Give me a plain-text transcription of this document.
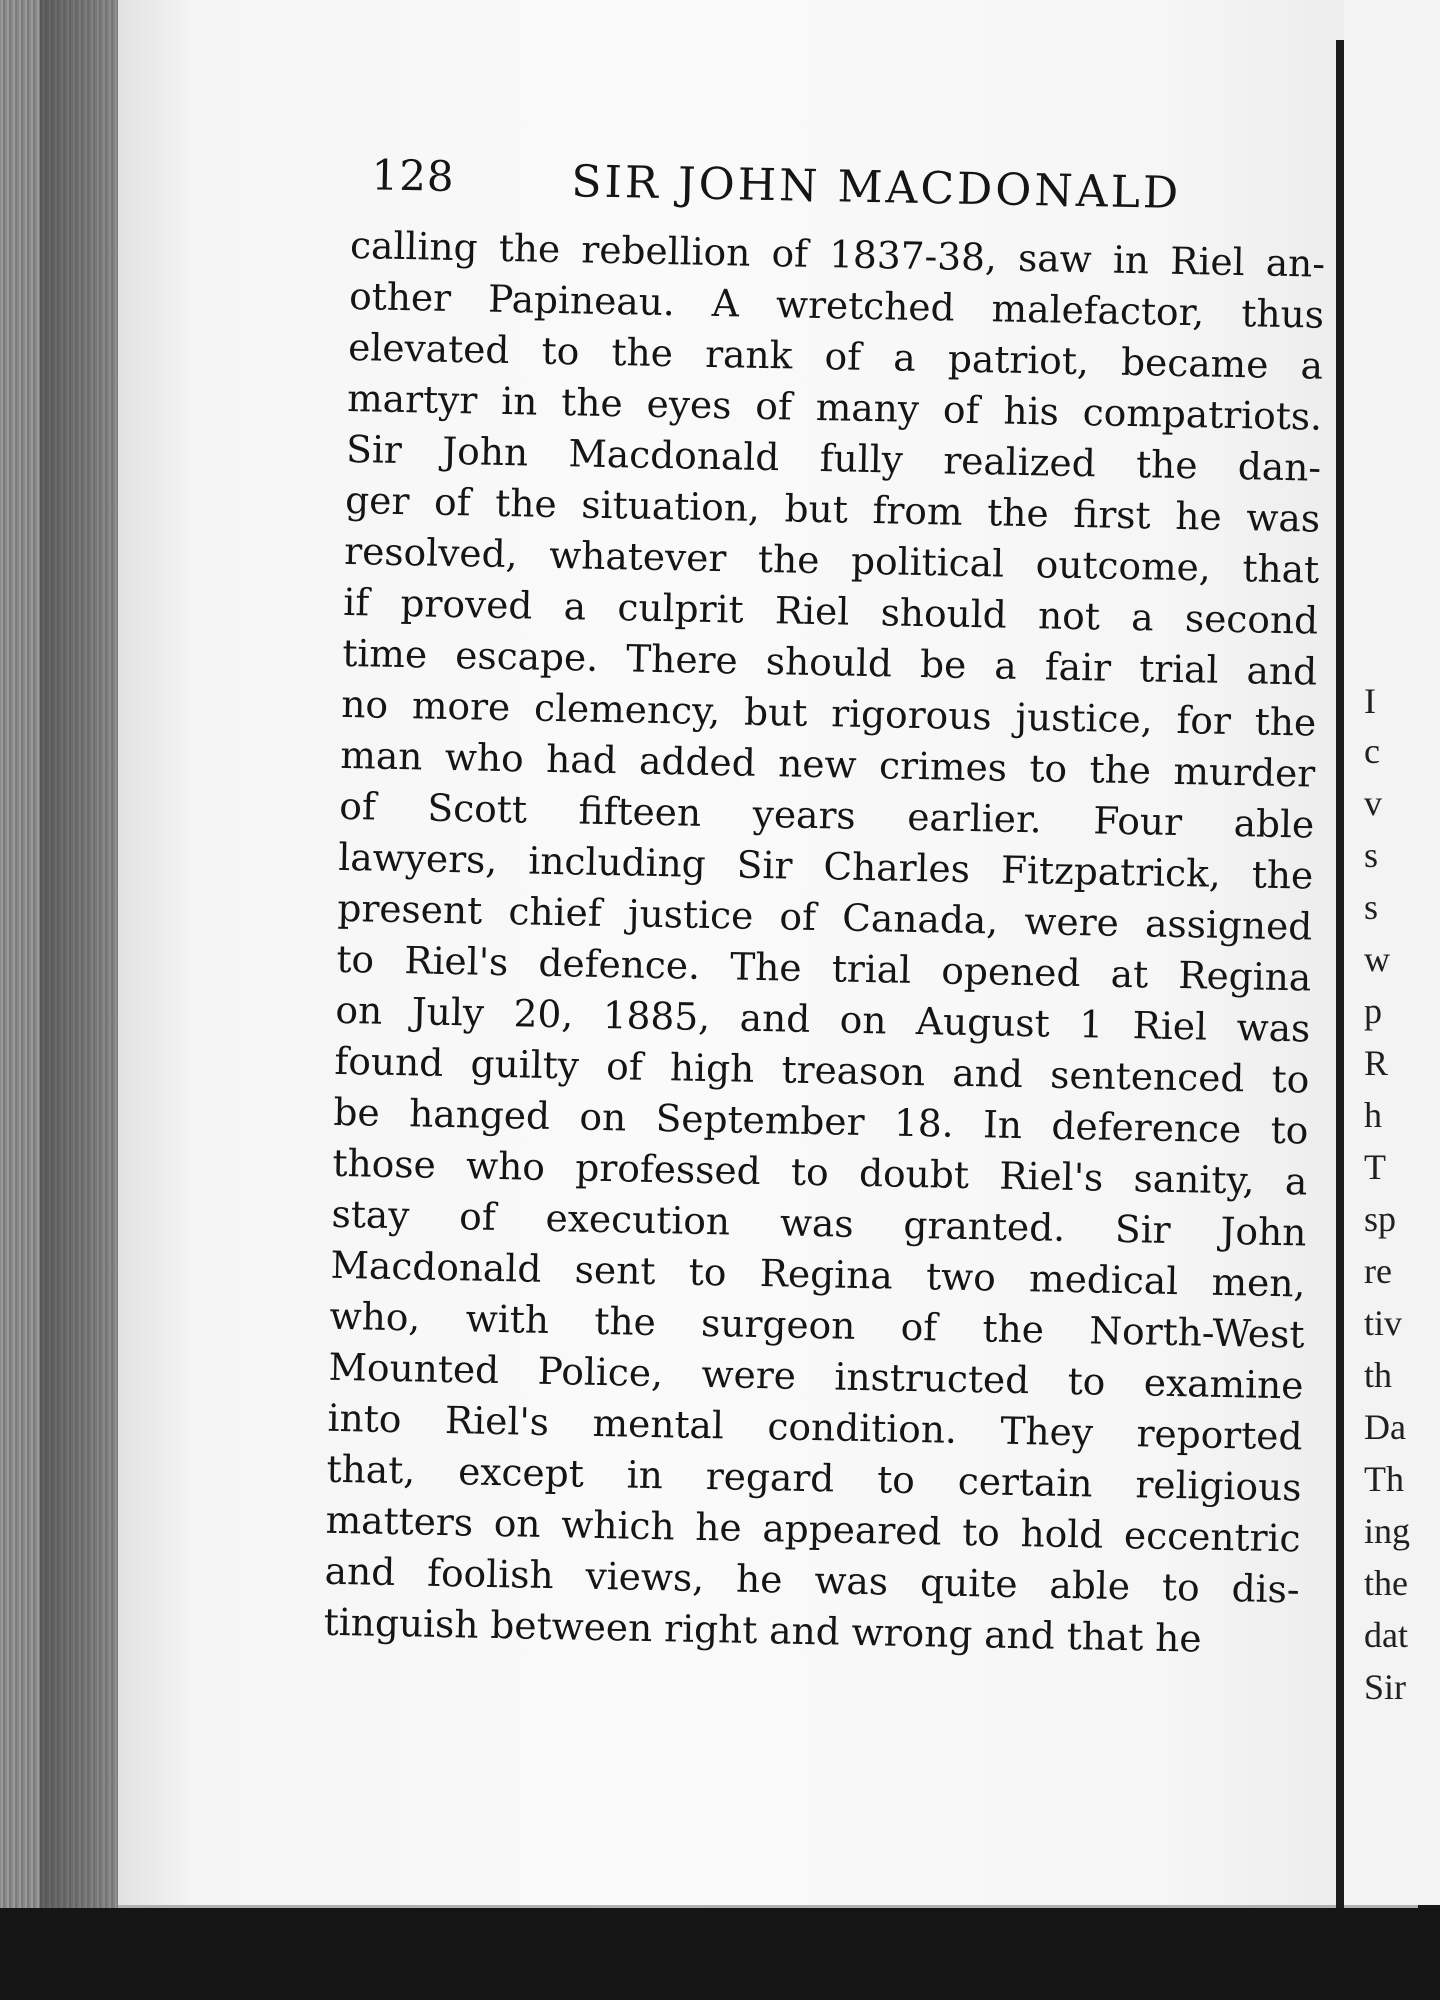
128	SIR JOHN MACDONALD
calling the rebellion of 1837-38, saw in Riel an-
other Papineau. A wretched malefactor, thus
elevated to the rank of a patriot, became a
martyr in the eyes of many of his compatriots.
Sir John Macdonald fully realized the dan-
ger of the situation, but from the first he was
resolved, whatever the political outcome, that
if proved a culprit Riel should not a second
time escape. There should be a fair trial and
no more clemency, but rigorous justice, for the
man who had added new crimes to the murder
of Scott fifteen years earlier. Four able
lawyers, including Sir Charles Fitzpatrick, the
present chief justice of Canada, were assigned
to Riel's defence. The trial opened at Regina
on July 20, 1885, and on August 1 Riel was
found guilty of high treason and sentenced to
be hanged on September 18. In deference to
those who professed to doubt Riel's sanity, a
stay of execution was granted. Sir John
Macdonald sent to Regina two medical men,
who, with the surgeon of the North-West
Mounted Police, were instructed to examine
into Riel's mental condition. They reported
that, except in regard to certain religious
matters on which he appeared to hold eccentric
and foolish views, he was quite able to dis-
tinguish between right and wrong and that he
I
c
v
s
s
w
p
R
h
T
sp
re
tiv
th
Da
Th
ing
the
dat
Sir
